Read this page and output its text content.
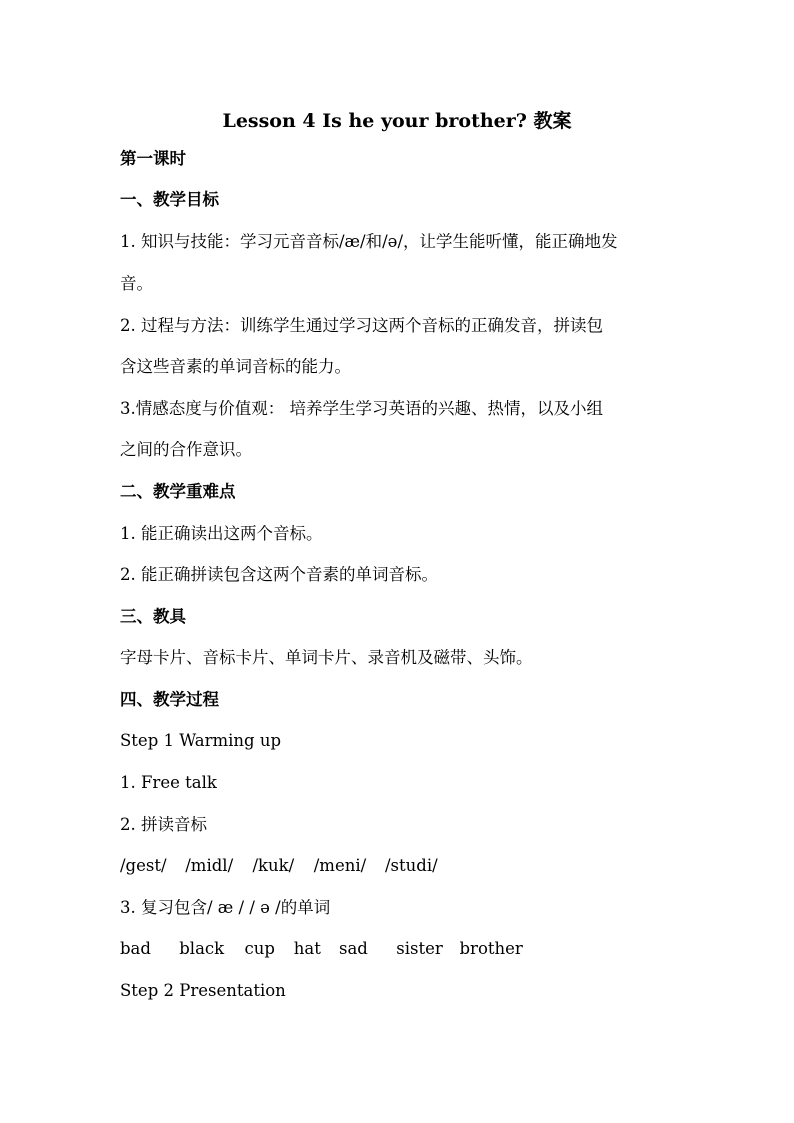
Lesson 4 Is he your brother? 教案
第一课时
一、教学目标
1. 知识与技能：学习元音音标/æ/和/ə/，让学生能听懂，能正确地发
音。
2. 过程与方法：训练学生通过学习这两个音标的正确发音，拼读包
含这些音素的单词音标的能力。
3.情感态度与价值观： 培养学生学习英语的兴趣、热情，以及小组
之间的合作意识。
二、教学重难点
1. 能正确读出这两个音标。
2. 能正确拼读包含这两个音素的单词音标。
三、教具
字母卡片、音标卡片、单词卡片、录音机及磁带、头饰。
四、教学过程
Step 1 Warming up
1. Free talk
2. 拼读音标
/gest/ /midl/ /kuk/ /meni/ /studi/
3. 复习包含/ æ / / ə /的单词
bad black cup hat sad sister brother
Step 2 Presentation
